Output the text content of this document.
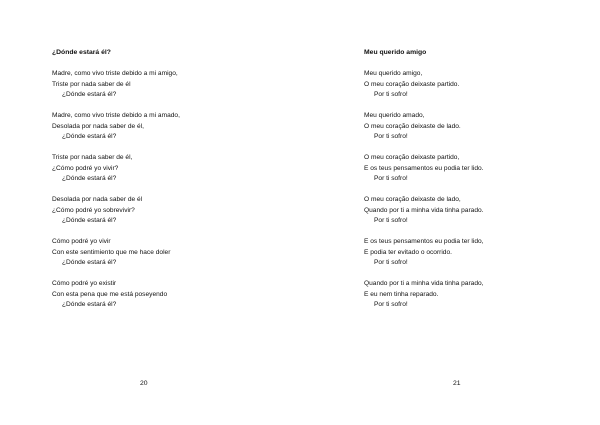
¿Dónde estará él?
Madre, como vivo triste debido a mi amigo,
Triste por nada saber de él
¿Dónde estará él?
Madre, como vivo triste debido a mi amado,
Desolada por nada saber de él,
¿Dónde estará él?
Triste por nada saber de él,
¿Cómo podré yo vivir?
¿Dónde estará él?
Desolada por nada saber de él
¿Cómo podré yo sobrevivir?
¿Dónde estará él?
Cómo podré yo vivir
Con este sentimiento que me hace doler
¿Dónde estará él?
Cómo podré yo existir
Con esta pena que me está poseyendo
¿Dónde estará él?
20
Meu querido amigo
Meu querido amigo,
O meu coração deixaste partido.
Por ti sofro!
Meu querido amado,
O meu coração deixaste de lado.
Por ti sofro!
O meu coração deixaste partido,
E os teus pensamentos eu podia ter lido.
Por ti sofro!
O meu coração deixaste de lado,
Quando por ti a minha vida tinha parado.
Por ti sofro!
E os teus pensamentos eu podia ter lido,
E podia ter evitado o ocorrido.
Por ti sofro!
Quando por ti a minha vida tinha parado,
E eu nem tinha reparado.
Por ti sofro!
21
